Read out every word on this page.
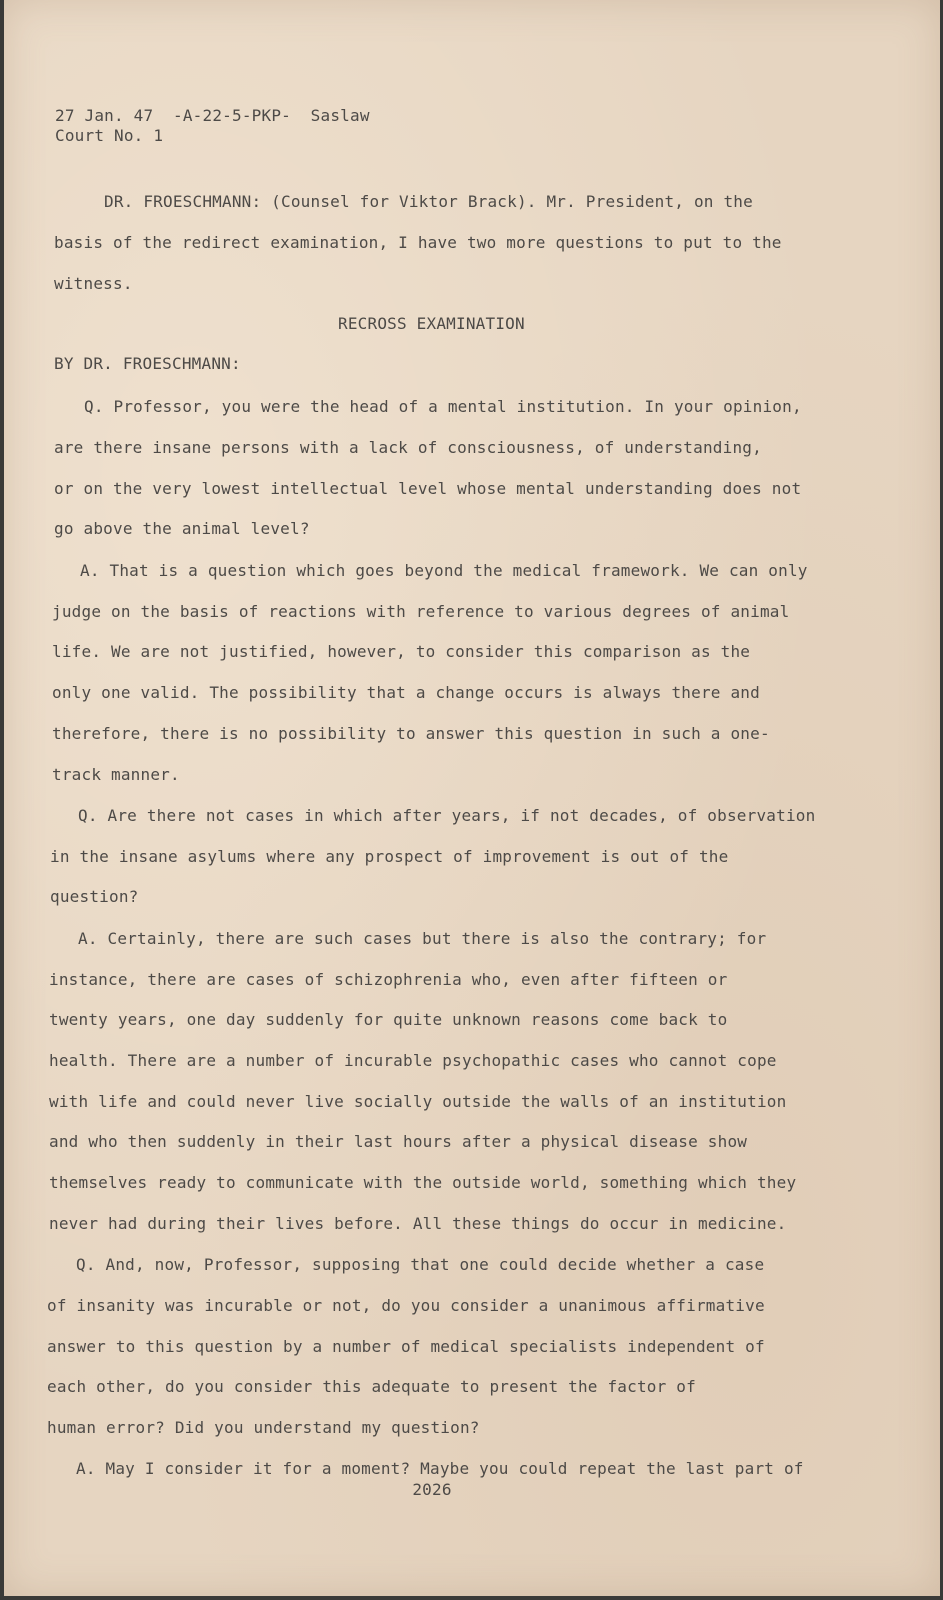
27 Jan. 47  -A-22-5-PKP-  Saslaw
Court No. 1
DR. FROESCHMANN: (Counsel for Viktor Brack). Mr. President, on the
basis of the redirect examination, I have two more questions to put to the
witness.
RECROSS EXAMINATION
BY DR. FROESCHMANN:
Q. Professor, you were the head of a mental institution. In your opinion,
are there insane persons with a lack of consciousness, of understanding,
or on the very lowest intellectual level whose mental understanding does not
go above the animal level?
A. That is a question which goes beyond the medical framework. We can only
judge on the basis of reactions with reference to various degrees of animal
life. We are not justified, however, to consider this comparison as the
only one valid. The possibility that a change occurs is always there and
therefore, there is no possibility to answer this question in such a one-
track manner.
Q. Are there not cases in which after years, if not decades, of observation
in the insane asylums where any prospect of improvement is out of the
question?
A. Certainly, there are such cases but there is also the contrary; for
instance, there are cases of schizophrenia who, even after fifteen or
twenty years, one day suddenly for quite unknown reasons come back to
health. There are a number of incurable psychopathic cases who cannot cope
with life and could never live socially outside the walls of an institution
and who then suddenly in their last hours after a physical disease show
themselves ready to communicate with the outside world, something which they
never had during their lives before. All these things do occur in medicine.
Q. And, now, Professor, supposing that one could decide whether a case
of insanity was incurable or not, do you consider a unanimous affirmative
answer to this question by a number of medical specialists independent of
each other, do you consider this adequate to present the factor of
human error? Did you understand my question?
A. May I consider it for a moment? Maybe you could repeat the last part of
2026
